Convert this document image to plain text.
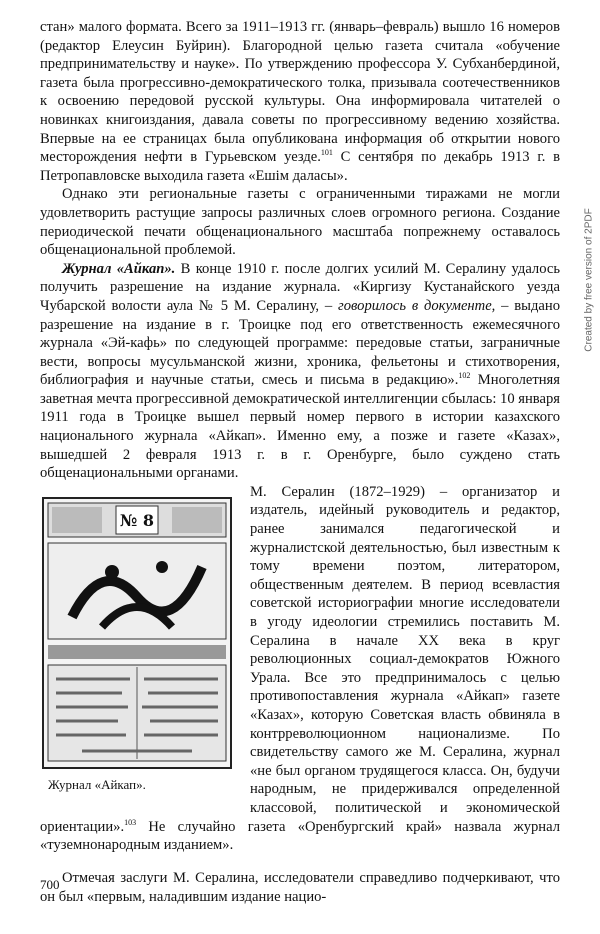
стан» малого формата. Всего за 1911–1913 гг. (январь–февраль) вышло 16 номеров (редактор Елеусин Буйрин). Благородной целью газета считала «обучение предпринимательству и науке». По утверждению профессора У. Субханбердиной, газета была прогрессивно-демократического толка, призывала соотечественников к освоению передовой русской культуры. Она информировала читателей о новинках книгоиздания, давала советы по прогрессивному ведению хозяйства. Впервые на ее страницах была опубликована информация об открытии нового месторождения нефти в Гурьевском уезде.$^{101}$ С сентября по декабрь 1913 г. в Петропавловске выходила газета «Ешім даласы».

Однако эти региональные газеты с ограниченными тиражами не могли удовлетворить растущие запросы различных слоев огромного региона. Создание периодической печати общенационального масштаба попрежнему оставалось общенациональной проблемой.

Журнал «Айкап». В конце 1910 г. после долгих усилий М. Сералину удалось получить разрешение на издание журнала. «Киргизу Кустанайского уезда Чубарской волости аула № 5 М. Сералину, – говорилось в документе, – выдано разрешение на издание в г. Троицке под его ответственность ежемесячного журнала «Эй-кафь» по следующей программе: передовые статьи, заграничные вести, вопросы мусульманской жизни, хроника, фельетоны и стихотворения, библиография и научные статьи, смесь и письма в редакцию».$^{102}$ Многолетняя заветная мечта прогрессивной демократической интеллигенции сбылась: 10 января 1911 года в Троицке вышел первый номер первого в истории казахского национального журнала «Айкап». Именно ему, а позже и газете «Казах», вышедшей 2 февраля 1913 г. в г. Оренбурге, было суждено стать общенациональными органами.

№ 8
Журнал «Айкап».
М. Сералин (1872–1929) – организатор и издатель, идейный руководитель и редактор, ранее занимался педагогической и журналистской деятельностью, был известным к тому времени поэтом, литератором, общественным деятелем. В период всевластия советской историографии многие исследователи в угоду идеологии стремились поставить М. Сералина в начале XX века в круг революционных социал-демократов Южного Урала. Все это предпринималось с целью противопоставления журнала «Айкап» газете «Казах», которую Советская власть обвиняла в контрреволюционном национализме. По свидетельству самого же М. Сералина, журнал «не был органом трудящегося класса. Он, будучи народным, не придерживался определенной классовой, политической и экономической ориентации».$^{103}$ Не случайно газета «Оренбургский край» назвала журнал «туземнонародным изданием».

Отмечая заслуги М. Сералина, исследователи справедливо подчеркивают, что он был «первым, наладившим издание нацио-

Created by free version of 2PDF
700
